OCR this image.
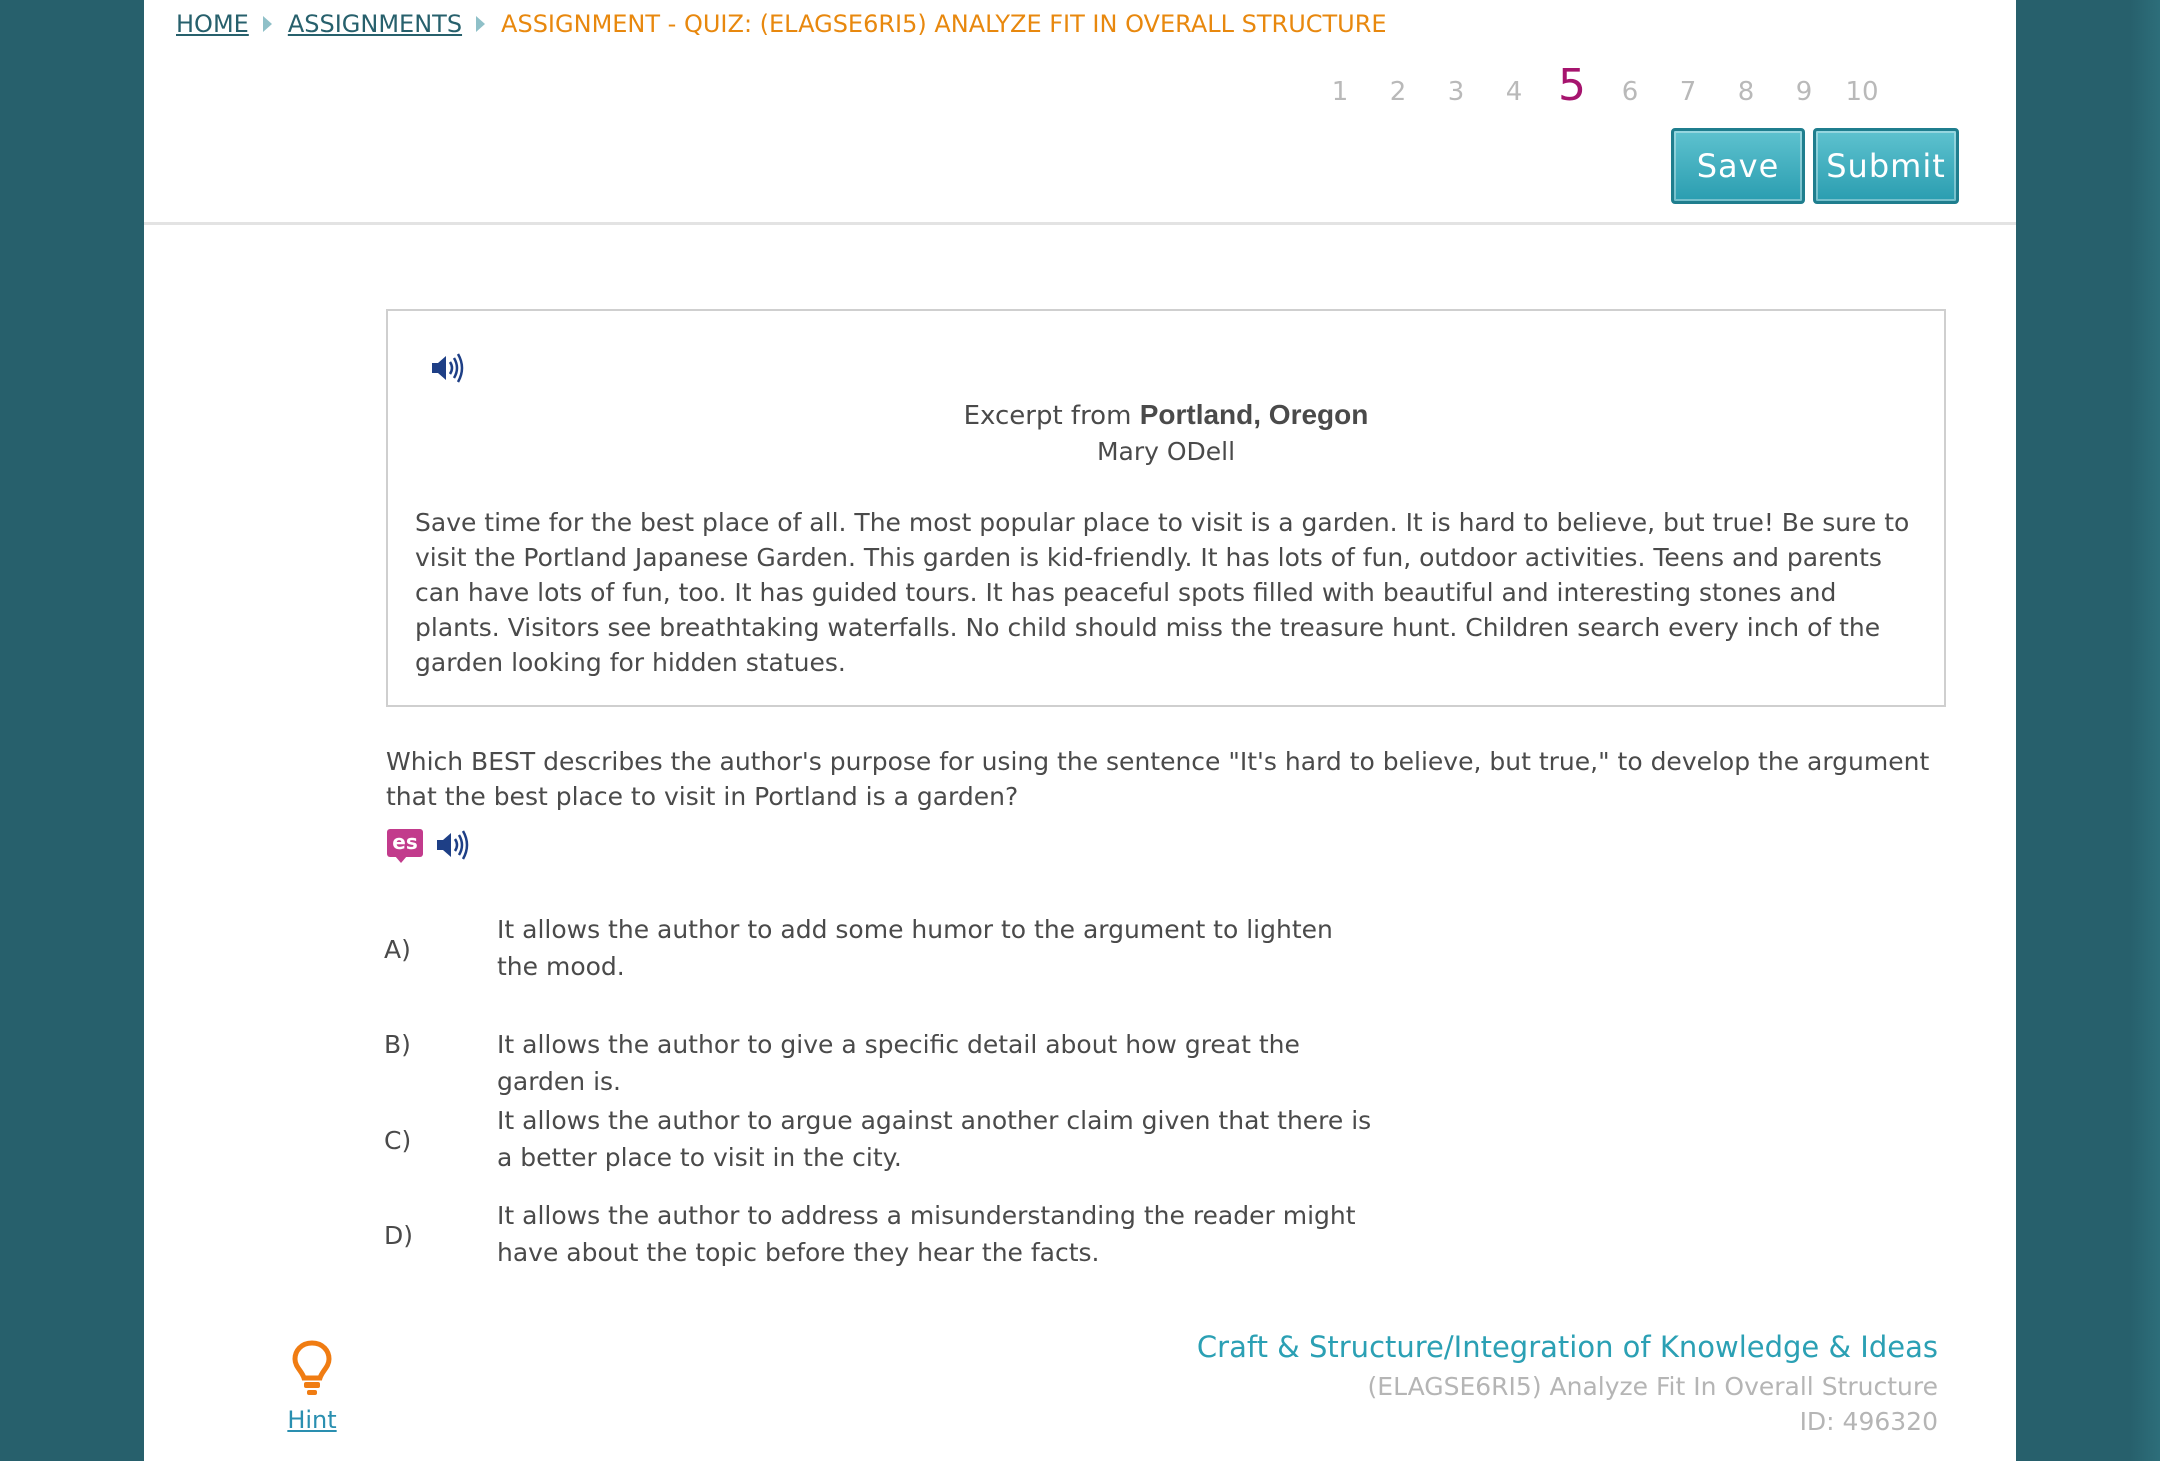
HOME ASSIGNMENTS ASSIGNMENT - QUIZ: (ELAGSE6RI5) ANALYZE FIT IN OVERALL STRUCTURE
1	2	3	4 5	6	7	8	9	10
Save	Submit
Excerpt from Portland, Oregon
Mary ODell
Save time for the best place of all. The most popular place to visit is a garden. It is hard to believe, but true! Be sure to visit the Portland Japanese Garden. This garden is kid-friendly. It has lots of fun, outdoor activities. Teens and parents can have lots of fun, too. It has guided tours. It has peaceful spots filled with beautiful and interesting stones and plants. Visitors see breathtaking waterfalls. No child should miss the treasure hunt. Children search every inch of the garden looking for hidden statues.
Which BEST describes the author's purpose for using the sentence "It's hard to believe, but true," to develop the argument that the best place to visit in Portland is a garden?
es
A)
It allows the author to add some humor to the argument to lighten the mood.
B)	It allows the author to give a specific detail about how great the garden is.
C)
It allows the author to argue against another claim given that there is a better place to visit in the city.
D)
It allows the author to address a misunderstanding the reader might have about the topic before they hear the facts.
Hint
Craft & Structure/Integration of Knowledge & Ideas
(ELAGSE6RI5) Analyze Fit In Overall Structure
ID: 496320
